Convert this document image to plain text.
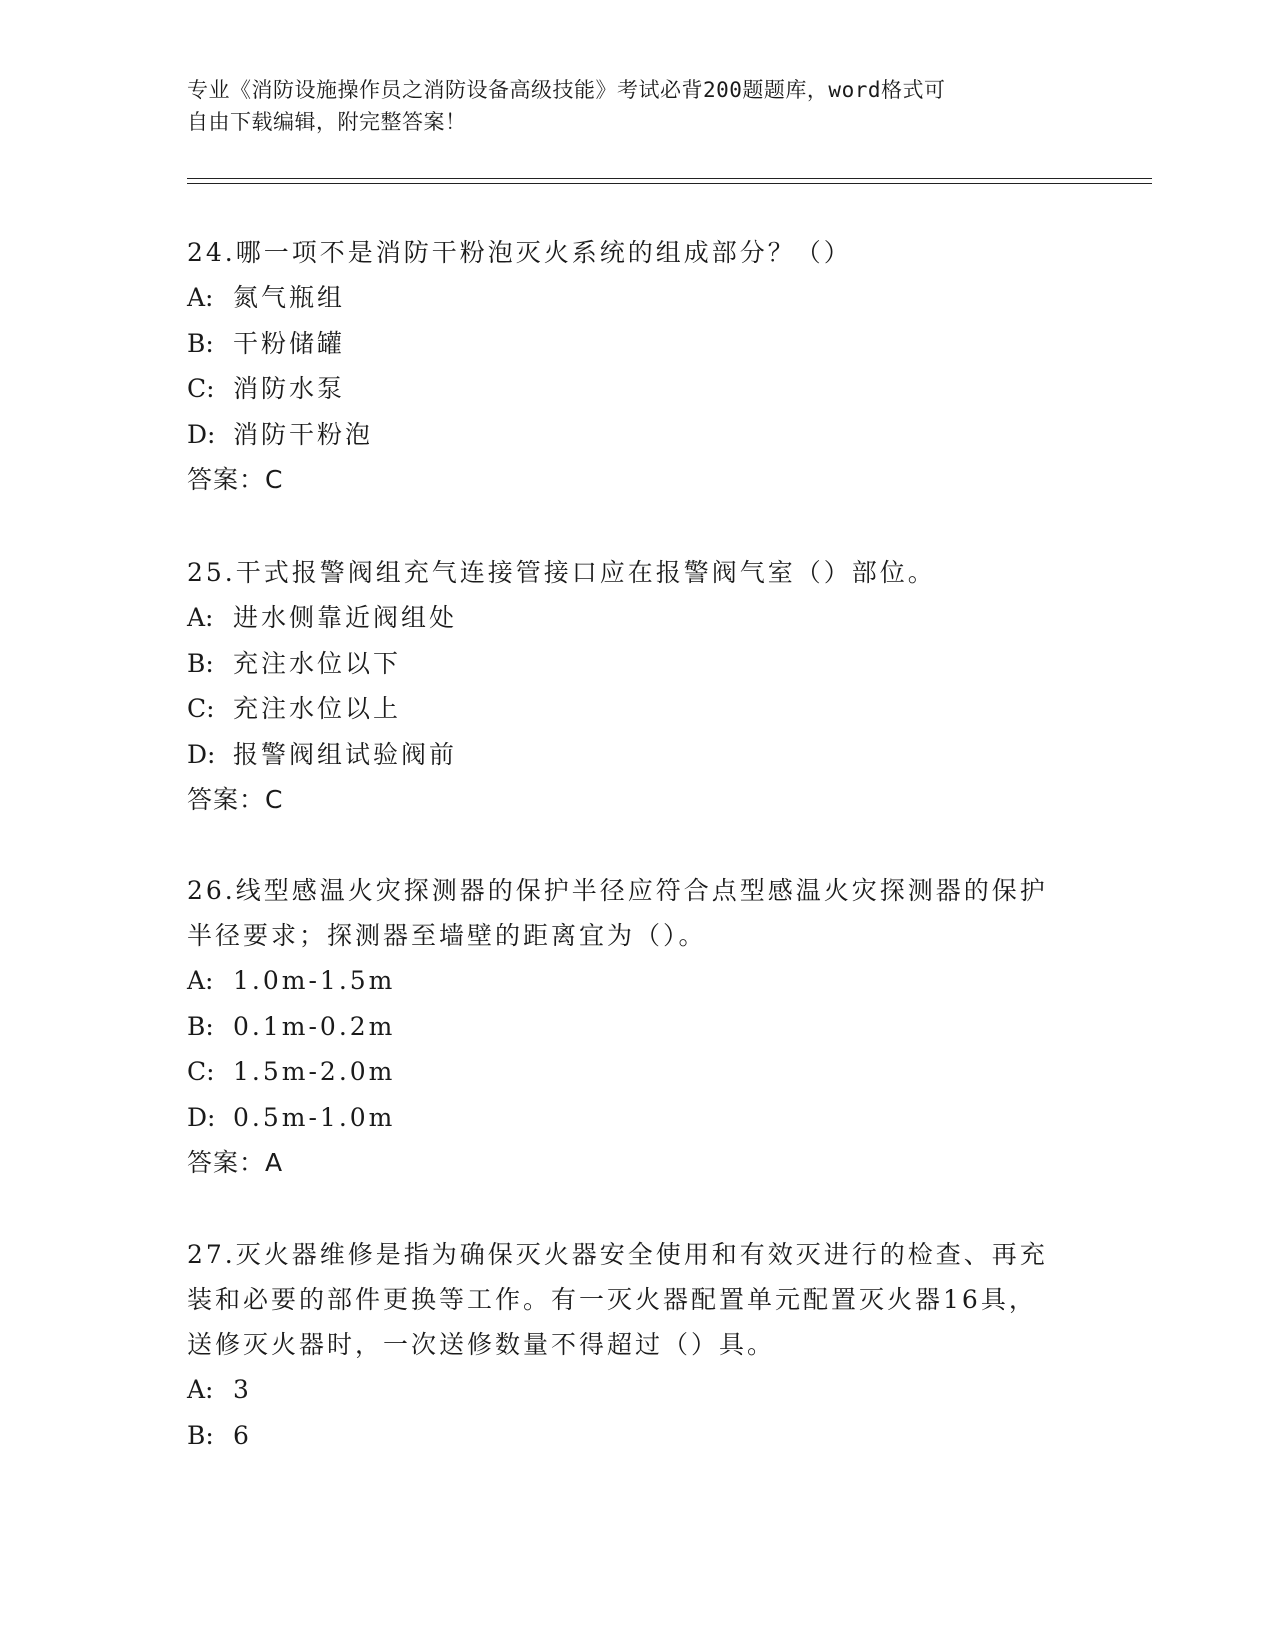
专业《消防设施操作员之消防设备高级技能》考试必背200题题库，word格式可
自由下载编辑，附完整答案！
24.哪一项不是消防干粉泡灭火系统的组成部分？（）
A: 氮气瓶组
B: 干粉储罐
C: 消防水泵
D: 消防干粉泡
答案：C
25.干式报警阀组充气连接管接口应在报警阀气室（）部位。
A: 进水侧靠近阀组处
B: 充注水位以下
C: 充注水位以上
D: 报警阀组试验阀前
答案：C
26.线型感温火灾探测器的保护半径应符合点型感温火灾探测器的保护
半径要求；探测器至墙壁的距离宜为（）。
A: 1.0m-1.5m
B: 0.1m-0.2m
C: 1.5m-2.0m
D: 0.5m-1.0m
答案：A
27.灭火器维修是指为确保灭火器安全使用和有效灭进行的检查、再充
装和必要的部件更换等工作。有一灭火器配置单元配置灭火器16具，
送修灭火器时，一次送修数量不得超过（）具。
A: 3
B: 6
